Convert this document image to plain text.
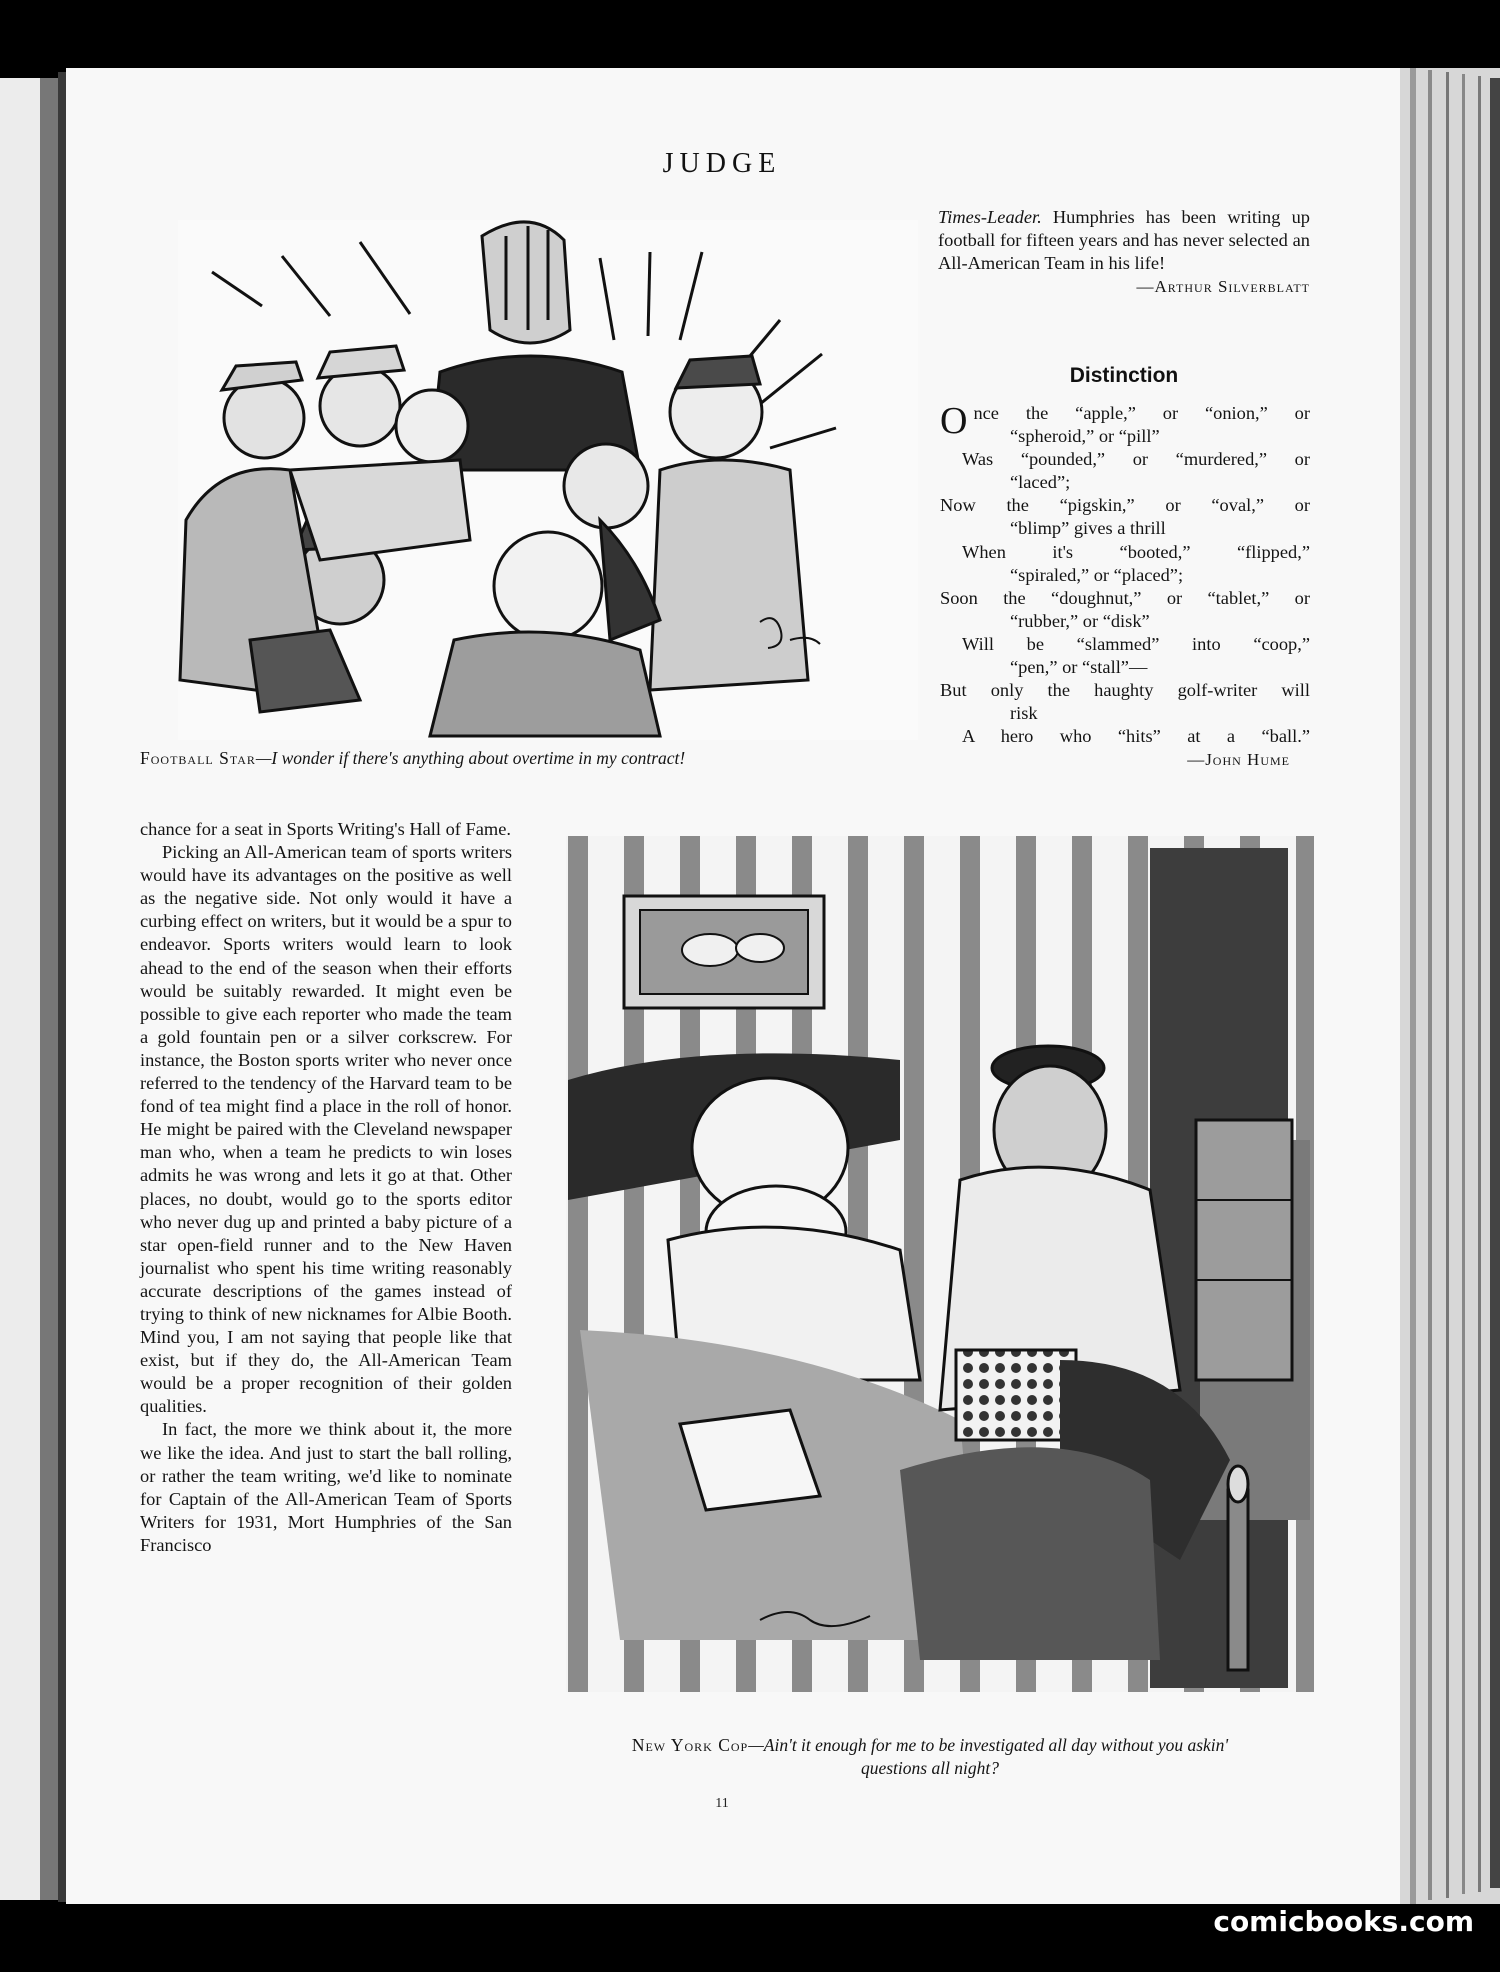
JUDGE

Times-Leader. Humphries has been writing up football for fifteen years and has never selected an All-American Team in his life!

—Arthur Silverblatt
Distinction

Once the “apple,” or “onion,” or

“spheroid,” or “pill”

Was “pounded,” or “murdered,” or

“laced”;

Now the “pigskin,” or “oval,” or

“blimp” gives a thrill

When it's “booted,” “flipped,”

“spiraled,” or “placed”;

Soon the “doughnut,” or “tablet,” or

“rubber,” or “disk”

Will be “slammed” into “coop,”

“pen,” or “stall”—

But only the haughty golf-writer will

risk

A hero who “hits” at a “ball.”

—John Hume
Football Star—I wonder if there's anything about overtime in my contract!

chance for a seat in Sports Writing's Hall of Fame.

Picking an All-American team of sports writers would have its advantages on the positive as well as the negative side. Not only would it have a curbing effect on writers, but it would be a spur to endeavor. Sports writers would learn to look ahead to the end of the season when their efforts would be suitably rewarded. It might even be possible to give each reporter who made the team a gold fountain pen or a silver corkscrew. For instance, the Boston sports writer who never once referred to the tendency of the Harvard team to be fond of tea might find a place in the roll of honor. He might be paired with the Cleveland newspaper man who, when a team he predicts to win loses admits he was wrong and lets it go at that. Other places, no doubt, would go to the sports editor who never dug up and printed a baby picture of a star open-field runner and to the New Haven journalist who spent his time writing reasonably accurate descriptions of the games instead of trying to think of new nicknames for Albie Booth. Mind you, I am not saying that people like that exist, but if they do, the All-American Team would be a proper recognition of their golden qualities.

In fact, the more we think about it, the more we like the idea. And just to start the ball rolling, or rather the team writing, we'd like to nominate for Captain of the All-American Team of Sports Writers for 1931, Mort Humphries of the San Francisco

New York Cop—Ain't it enough for me to be investigated all day without you askin' questions all night?
11
comicbooks.com
